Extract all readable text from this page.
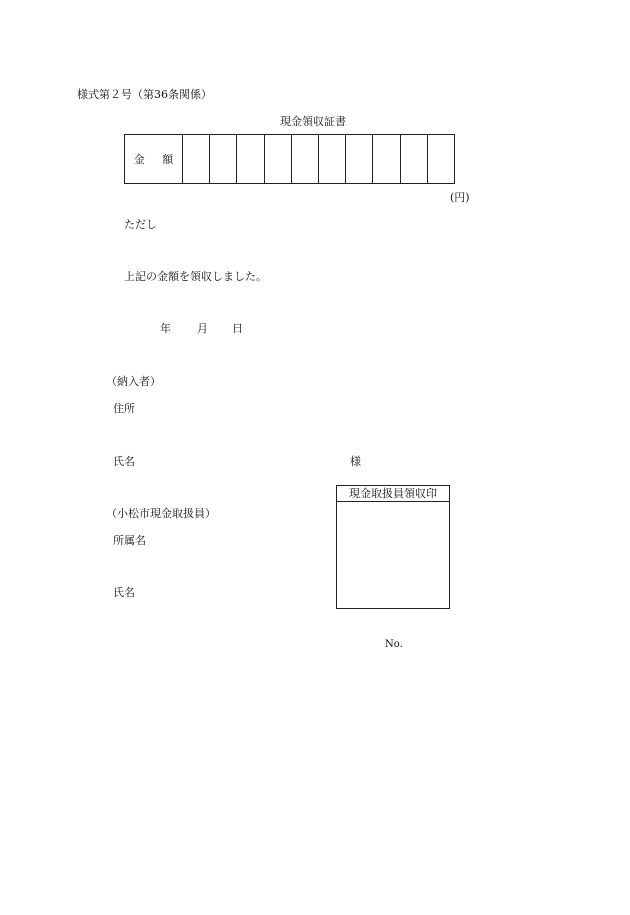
様式第２号（第36条関係）
現金領収証書
金 額										
(円)
ただし
上記の金額を領収しました。
年 月 日
（納入者）
住所
氏名	様
（小松市現金取扱員）
所属名
氏名
現金取扱員領収印
No.
